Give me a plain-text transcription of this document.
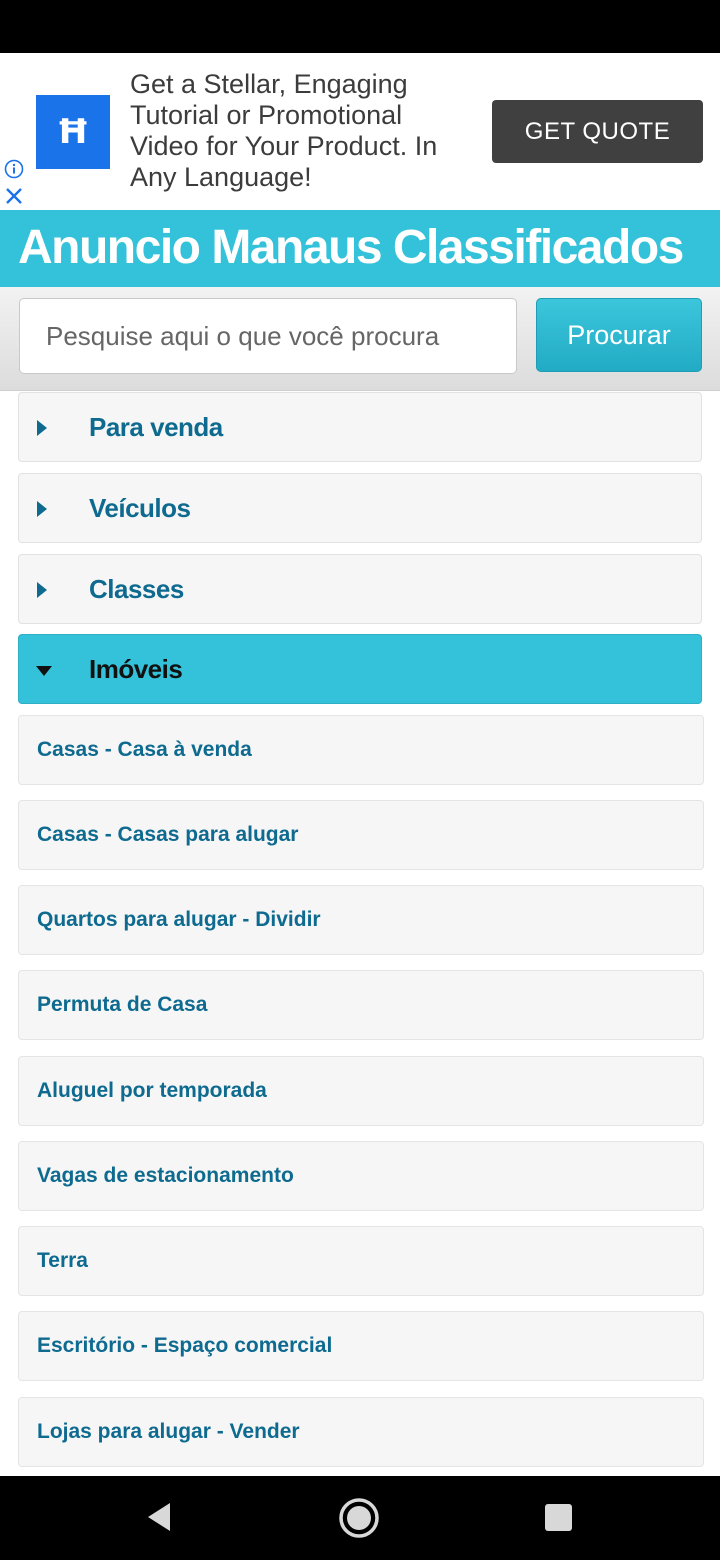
Ħ
Get a Stellar, Engaging Tutorial or Promotional Video for Your Product. In Any Language!
GET QUOTE
Anuncio Manaus Classificados
Pesquise aqui o que você procura
Procurar
Para venda
Veículos
Classes
Imóveis
Casas - Casa à venda
Casas - Casas para alugar
Quartos para alugar - Dividir
Permuta de Casa
Aluguel por temporada
Vagas de estacionamento
Terra
Escritório - Espaço comercial
Lojas para alugar - Vender
